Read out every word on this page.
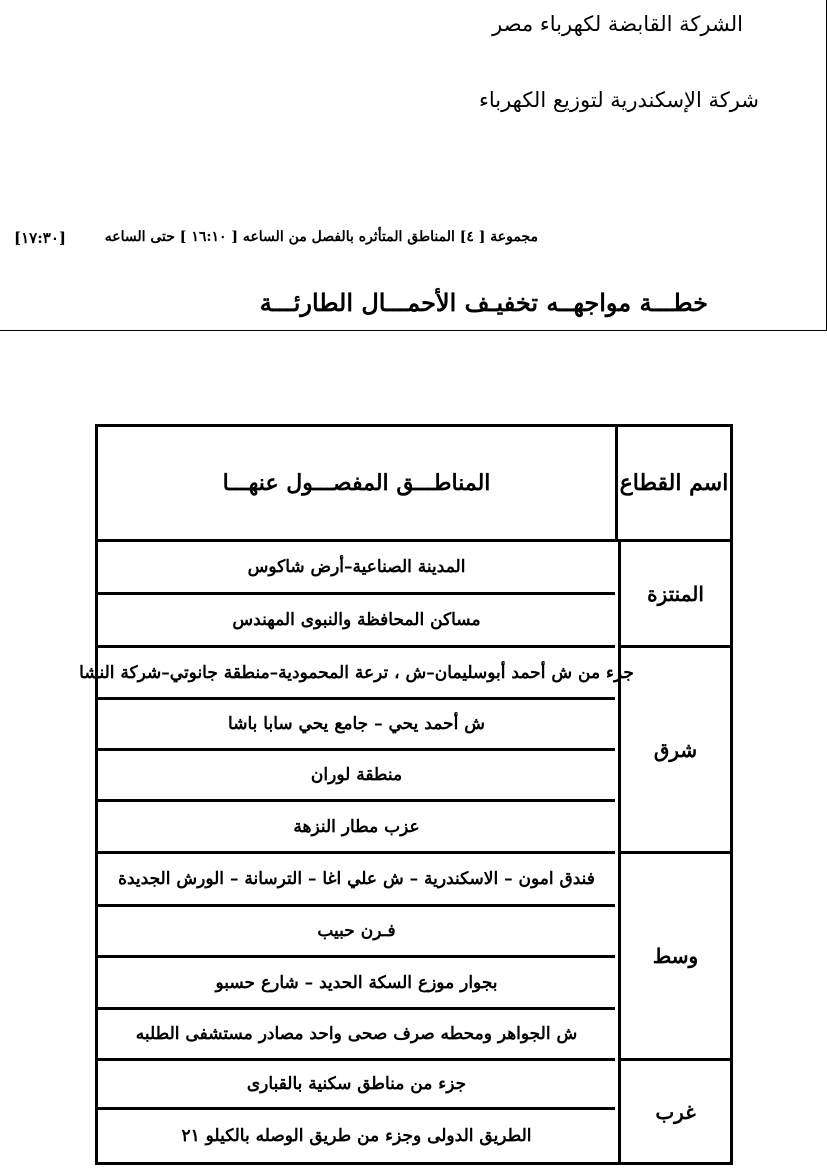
الشركة القابضة لكهرباء مصر
شركة الإسكندرية لتوزيع الكهرباء
مجموعة [ ٤] المناطق المتأثره بالفصل من الساعه [ ١٦:١٠ ] حتى الساعه
[١٧:٣٠]
خطـــة مواجهــه تخفيـف الأحمـــال الطارئـــة
اسم القطاع
المناطـــق المفصـــول عنهـــا
المنتزة
المدينة الصناعية–أرض شاكوس
مساكن المحافظة والنبوى المهندس
شرق
جزء من ش أحمد أبوسليمان–ش ، ترعة المحمودية–منطقة جانوتي–شركة النشا
ش أحمد يحي – جامع يحي سابا باشا
منطقة لوران
عزب مطار النزهة
وسط
فندق امون – الاسكندرية – ش علي اغا – الترسانة – الورش الجديدة
فـرن حبيب
بجوار موزع السكة الحديد – شارع حسبو
ش الجواهر ومحطه صرف صحى واحد مصادر مستشفى الطلبه
غرب
جزء من مناطق سكنية بالقبارى
الطريق الدولى وجزء من طريق الوصله بالكيلو ٢١
